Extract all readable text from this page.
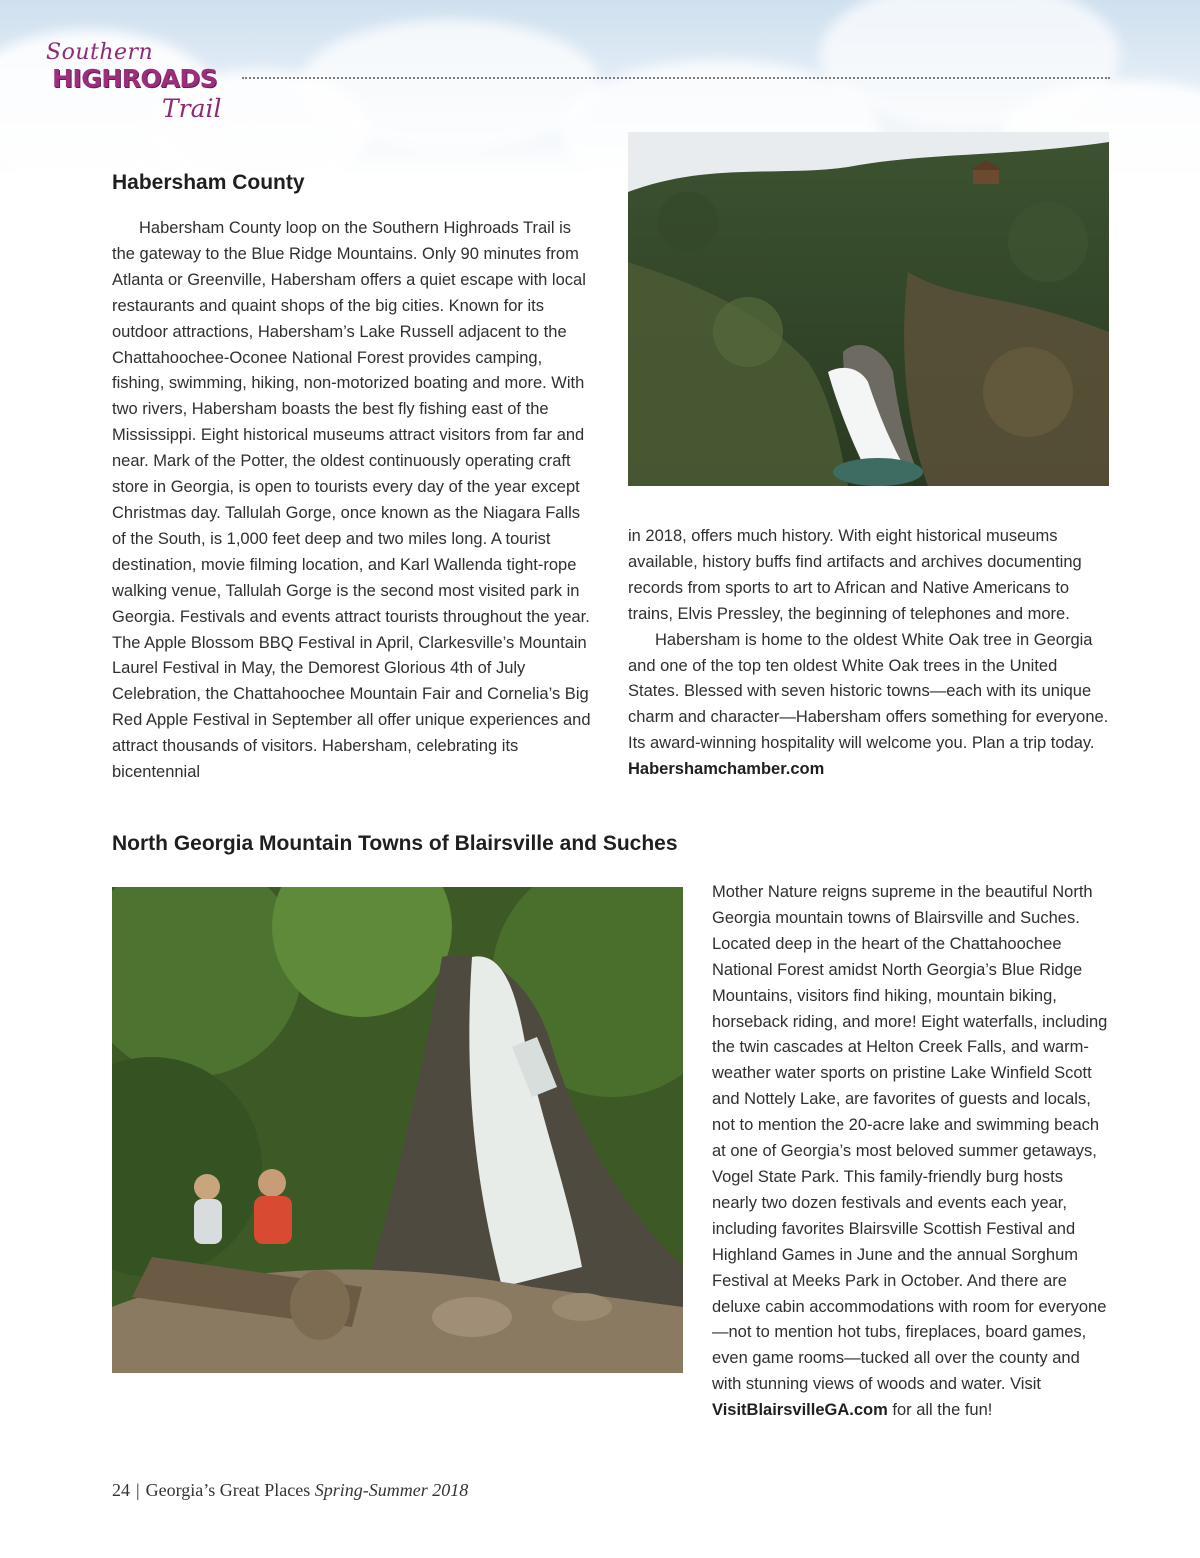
Southern
HIGHROADS
Trail
Habersham County

Habersham County loop on the Southern Highroads Trail is the gateway to the Blue Ridge Mountains. Only 90 minutes from Atlanta or Greenville, Habersham offers a quiet escape with local restaurants and quaint shops of the big cities. Known for its outdoor attractions, Habersham’s Lake Russell adjacent to the Chattahoochee-Oconee National Forest provides camping, fishing, swimming, hiking, non-motorized boating and more. With two rivers, Habersham boasts the best fly fishing east of the Mississippi. Eight historical museums attract visitors from far and near. Mark of the Potter, the oldest continuously operating craft store in Georgia, is open to tourists every day of the year except Christmas day. Tallulah Gorge, once known as the Niagara Falls of the South, is 1,000 feet deep and two miles long. A tourist destination, movie filming location, and Karl Wallenda tight-rope walking venue, Tallulah Gorge is the second most visited park in Georgia. Festivals and events attract tourists throughout the year. The Apple Blossom BBQ Festival in April, Clarkesville’s Mountain Laurel Festival in May, the Demorest Glorious 4th of July Celebration, the Chattahoochee Mountain Fair and Cornelia’s Big Red Apple Festival in September all offer unique experiences and attract thousands of visitors. Habersham, celebrating its bicentennial

in 2018, offers much history. With eight historical museums available, history buffs find artifacts and archives documenting records from sports to art to African and Native Americans to trains, Elvis Pressley, the beginning of telephones and more.

Habersham is home to the oldest White Oak tree in Georgia and one of the top ten oldest White Oak trees in the United States. Blessed with seven historic towns—each with its unique charm and character—Habersham offers something for everyone. Its award-winning hospitality will welcome you. Plan a trip today. Habershamchamber.com

North Georgia Mountain Towns of Blairsville and Suches

Mother Nature reigns supreme in the beautiful North Georgia mountain towns of Blairsville and Suches. Located deep in the heart of the Chattahoochee National Forest amidst North Georgia’s Blue Ridge Mountains, visitors find hiking, mountain biking, horseback riding, and more! Eight waterfalls, including the twin cascades at Helton Creek Falls, and warm-weather water sports on pristine Lake Winfield Scott and Nottely Lake, are favorites of guests and locals, not to mention the 20-acre lake and swimming beach at one of Georgia’s most beloved summer getaways, Vogel State Park. This family-friendly burg hosts nearly two dozen festivals and events each year, including favorites Blairsville Scottish Festival and Highland Games in June and the annual Sorghum Festival at Meeks Park in October. And there are deluxe cabin accommodations with room for everyone—not to mention hot tubs, fireplaces, board games, even game rooms—tucked all over the county and with stunning views of woods and water. Visit VisitBlairsvilleGA.com for all the fun!

24 | Georgia’s Great Places Spring-Summer 2018
